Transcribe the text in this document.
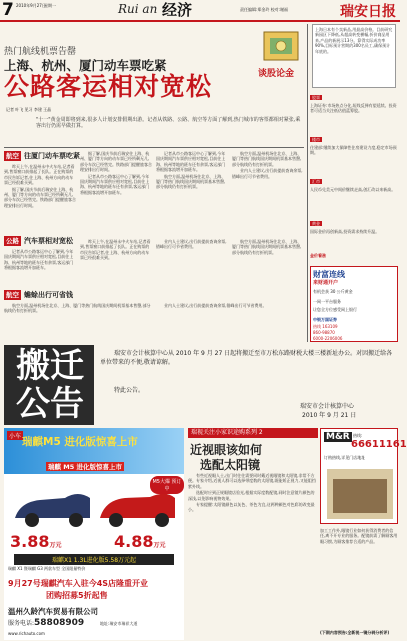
7 2010年9月27日
星期一	Rui an 经济	责任编辑:郑金玲 校对:谢福	瑞安日报
热门航线机票告罄
上海、杭州、厦门动车票吃紧
公路客运相对宽松
记者 叶飞 见习 李建 王晶
"十一"黄金周即将到来,很多人计划安排假期出游。记者从铁路、公路、航空等方面了解到,热门城市的客票都相对紧张,乘客出行仍需早做打算。
航空 往厦门动车票吃紧

昨天上午,在温州永中火车站,记者看到,售票窗口前排起了长队。正在购票的市民告诉记者,往上海、杭州方向的动车票已经很难买到。

据了解,国庆节前后瑞安往上海、杭州、厦门等方向的动车票已经所剩无几,部分车次已经售完。铁路部门提醒旅客合理安排出行时间。

据了解,国庆节前后瑞安往上海、杭州、厦门等方向的动车票已经所剩无几,部分车次已经售完。铁路部门提醒旅客合理安排出行时间。

记者从市公路客运中心了解到,今年国庆期间汽车票供应相对宽松,目前往上海、杭州等地的班车还有余票,客运部门将根据客流增开加班车。

记者从市公路客运中心了解到,今年国庆期间汽车票供应相对宽松,目前往上海、杭州等地的班车还有余票,客运部门将根据客流增开加班车。

航空方面,温州机场往北京、上海、厦门等热门航线国庆期间机票基本售罄,部分航线仍有打折机票。

航空方面,温州机场往北京、上海、厦门等热门航线国庆期间机票基本售罄,部分航线仍有打折机票。

业内人士建议,出行前提前查询余票,错峰出行可节省费用。

公路 汽车票相对宽松

记者从市公路客运中心了解到,今年国庆期间汽车票供应相对宽松,目前往上海、杭州等地的班车还有余票,客运部门将根据客流增开加班车。

昨天上午,在温州永中火车站,记者看到,售票窗口前排起了长队。正在购票的市民告诉记者,往上海、杭州方向的动车票已经很难买到。

业内人士建议,出行前提前查询余票,错峰出行可节省费用。

航空方面,温州机场往北京、上海、厦门等热门航线国庆期间机票基本售罄,部分航线仍有打折机票。

航空 蟾蜍出行可省钱

航空方面,温州机场往北京、上海、厦门等热门航线国庆期间机票基本售罄,部分航线仍有打折机票。

业内人士建议,出行前提前查询余票,错峰出行可节省费用。

谈股论金
上海日本有个卖新品,用最高价格。目前研究新园区下降低,从超高转变横幅,折价商品用来,产品的新展示13分。算得实际成功率90%,目标预计营期约300名员工,确保预计年底的。
股票
上海证券:市场热点分化,短线反弹有望延续。投资者可适当关注低估值蓝筹股。
楼市
住建部:继续加大保障性住房建设力度,稳定市场预期。
汇市
人民币兑美元中间价继续走高,创汇改以来新高。
黄金
国际金价再创新高,投资需求持续升温。
金价看涨
财富连线
来财通开户
有机会获 30 公斤黄金
一网一平台服务
让您全方位感受网上银行
中银万国证券
热线 163109
860-98870
6000-2206006
搬迁公告
瑞安市会计核算中心从 2010 年 9 月 27 日起将搬迁至市万松东路财税大楼三楼新址办公。对因搬迁给各单位带来的不便,敬请谅解。
特此公告。
瑞安市会计核算中心
2010 年 9 月 21 日
小车 瑞麒M5 进化版惊喜上市
瑞麒 M5 进化版惊喜上市
M5大爆 预订中
3.88万元	4.88万元
瑞麒X1 1.3L进化版5.58万元起
瑞麒 X1 暨瑞麒 G3 两款车型 全国限量特价
9月27号瑞麒汽车入驻今4S店隆重开业
团购招募5折起售
温州久龄汽车贸易有限公司
服务电话:58808909	地址:瑞安市瑞祥大道
www.richauto.com
瑞视关注小家识途购系列 2
近视眼该如何
选配太阳镜

有些近视眼人士,出门时往往需要同时戴近视眼镜和太阳镜,非常不方便。专家介绍,近视人群可以选择带度数的太阳镜,既能矫正视力,又能阻挡紫外线。

选配时应到正规眼镜店验光,根据实际度数配镜,同时注意镜片颜色的深浅,以免影响视物效果。

专家提醒:太阳镜颜色以灰色、茶色为宜,这两种颜色对色彩的改变最小。

M&R 热线:
66611161
订购热线,详见门店地址
加工工作外,眼镜行业如何获得消费者的信任,离不开专业的服务。配镜前需了解顾客用眼习惯,为顾客推荐合适的产品。
(下期内容预告:全新视一镜分剥分析评)
